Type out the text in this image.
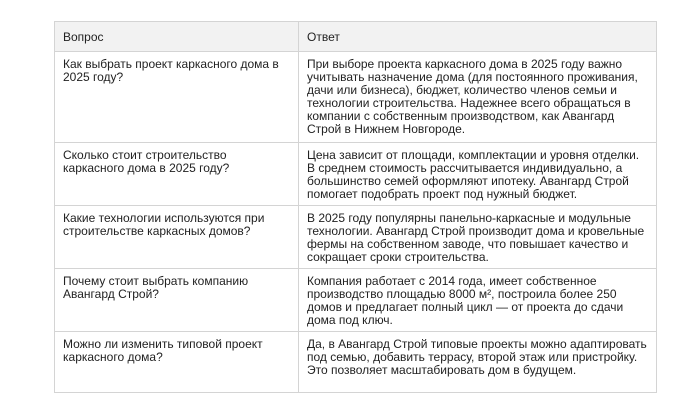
Вопрос	Ответ
Как выбрать проект каркасного дома в 2025 году?	При выборе проекта каркасного дома в 2025 году важно учитывать назначение дома (для постоянного проживания, дачи или бизнеса), бюджет, количество членов семьи и технологии строительства. Надежнее всего обращаться в компании с собственным производством, как Авангард Строй в Нижнем Новгороде.
Сколько стоит строительство каркасного дома в 2025 году?	Цена зависит от площади, комплектации и уровня отделки. В среднем стоимость рассчитывается индивидуально, а большинство семей оформляют ипотеку. Авангард Строй помогает подобрать проект под нужный бюджет.
Какие технологии используются при строительстве каркасных домов?	В 2025 году популярны панельно-каркасные и модульные технологии. Авангард Строй производит дома и кровельные фермы на собственном заводе, что повышает качество и сокращает сроки строительства.
Почему стоит выбрать компанию Авангард Строй?	Компания работает с 2014 года, имеет собственное производство площадью 8000 м², построила более 250 домов и предлагает полный цикл — от проекта до сдачи дома под ключ.
Можно ли изменить типовой проект каркасного дома?	Да, в Авангард Строй типовые проекты можно адаптировать под семью, добавить террасу, второй этаж или пристройку. Это позволяет масштабировать дом в будущем.
